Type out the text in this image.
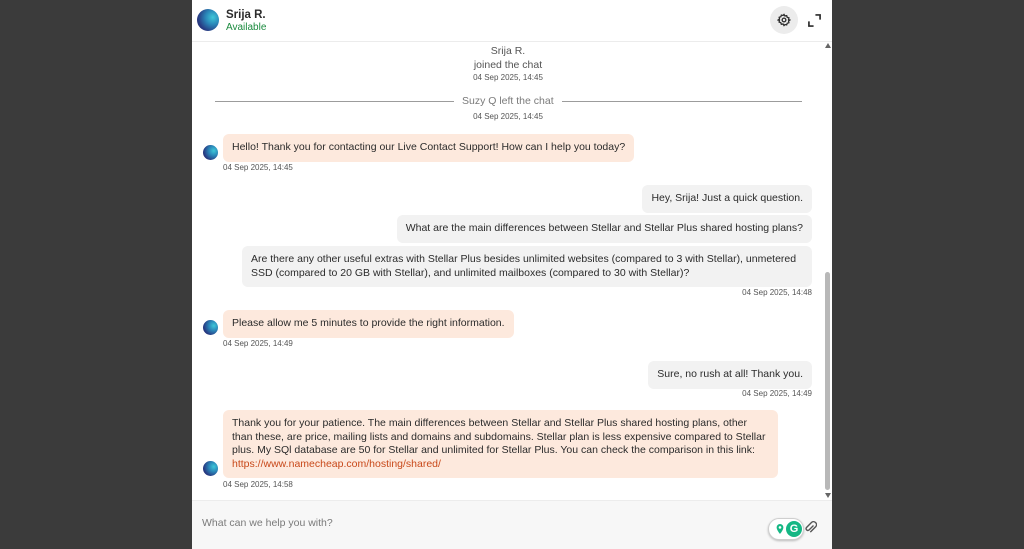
Srija R.
Available
Srija R.
joined the chat
04 Sep 2025, 14:45
Suzy Q left the chat
04 Sep 2025, 14:45
Hello! Thank you for contacting our Live Contact Support! How can I help you today?
04 Sep 2025, 14:45
Hey, Srija! Just a quick question.
What are the main differences between Stellar and Stellar Plus shared hosting plans?
Are there any other useful extras with Stellar Plus besides unlimited websites (compared to 3 with Stellar), unmetered
SSD (compared to 20 GB with Stellar), and unlimited mailboxes (compared to 30 with Stellar)?
04 Sep 2025, 14:48
Please allow me 5 minutes to provide the right information.
04 Sep 2025, 14:49
Sure, no rush at all! Thank you.
04 Sep 2025, 14:49
Thank you for your patience. The main differences between Stellar and Stellar Plus shared hosting plans, other
than these, are price, mailing lists and domains and subdomains. Stellar plan is less expensive compared to Stellar
plus. My SQl database are 50 for Stellar and unlimited for Stellar Plus. You can check the comparison in this link:
https://www.namecheap.com/hosting/shared/
04 Sep 2025, 14:58
What can we help you with?
G
